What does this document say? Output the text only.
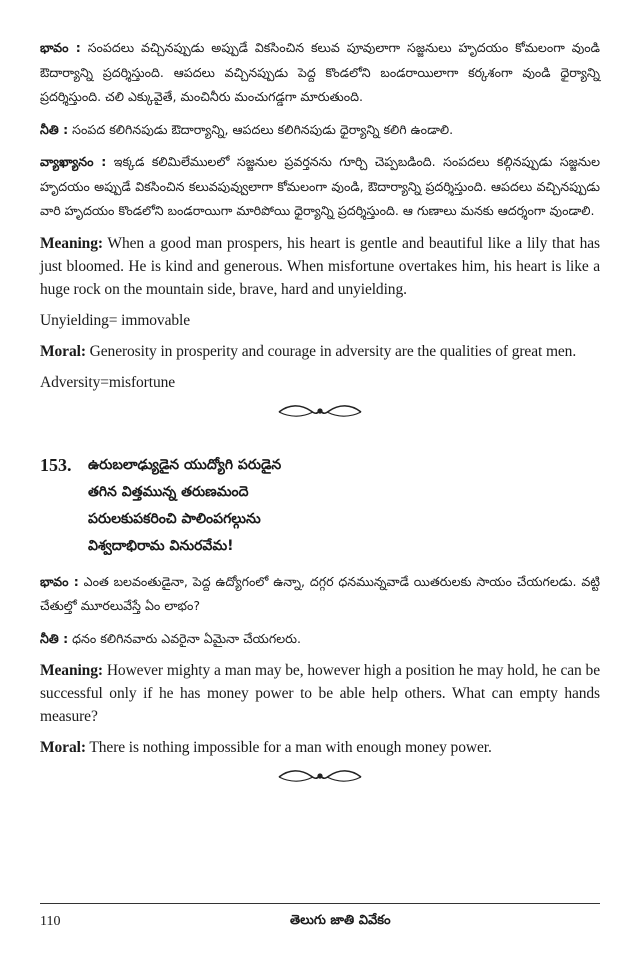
భావం : సంపదలు వచ్చినప్పుడు అప్పుడే వికసించిన కలువ పూవులాగా సజ్జనులు హృదయం కోమలంగా వుండి ఔదార్యాన్ని ప్రదర్శిస్తుంది. ఆపదలు వచ్చినప్పుడు పెద్ద కొండలోని బండరాయిలాగా కర్కశంగా వుండి ధైర్యాన్ని ప్రదర్శిస్తుంది. చలి ఎక్కువైతే, మంచినీరు మంచుగడ్డగా మారుతుంది.

నీతి : సంపద కలిగినపుడు ఔదార్యాన్ని, ఆపదలు కలిగినపుడు ధైర్యాన్ని కలిగి ఉండాలి.

వ్యాఖ్యానం : ఇక్కడ కలిమిలేములలో సజ్జనుల ప్రవర్తనను గూర్చి చెప్పబడింది. సంపదలు కల్గినప్పుడు సజ్జనుల హృదయం అప్పుడే వికసించిన కలువపువ్వులాగా కోమలంగా వుండి, ఔదార్యాన్ని ప్రదర్శిస్తుంది. ఆపదలు వచ్చినప్పుడు వారి హృదయం కొండలోని బండరాయిగా మారిపోయి ధైర్యాన్ని ప్రదర్శిస్తుంది. ఆ గుణాలు మనకు ఆదర్శంగా వుండాలి.

Meaning: When a good man prospers, his heart is gentle and beautiful like a lily that has just bloomed. He is kind and generous. When misfortune overtakes him, his heart is like a huge rock on the mountain side, brave, hard and unyielding.

Unyielding= immovable

Moral: Generosity in prosperity and courage in adversity are the qualities of great men.

Adversity=misfortune

153.	ఉరుబలాఢ్యుడైన యుద్యోగి పరుడైన
తగిన విత్తమున్న తరుణమందె
పరులకుపకరించి పాలింపగల్గును
విశ్వదాభిరామ వినురవేమ!

భావం : ఎంత బలవంతుడైనా, పెద్ద ఉద్యోగంలో ఉన్నా, దగ్గర ధనమున్నవాడే యితరులకు సాయం చేయగలడు. వట్టి చేతుల్తో మూరలువేస్తే ఏం లాభం?

నీతి : ధనం కలిగినవారు ఎవరైనా ఏమైనా చేయగలరు.

Meaning: However mighty a man may be, however high a position he may hold, he can be successful only if he has money power to be able help others. What can empty hands measure?

Moral: There is nothing impossible for a man with enough money power.

110	తెలుగు జాతి వివేకం
